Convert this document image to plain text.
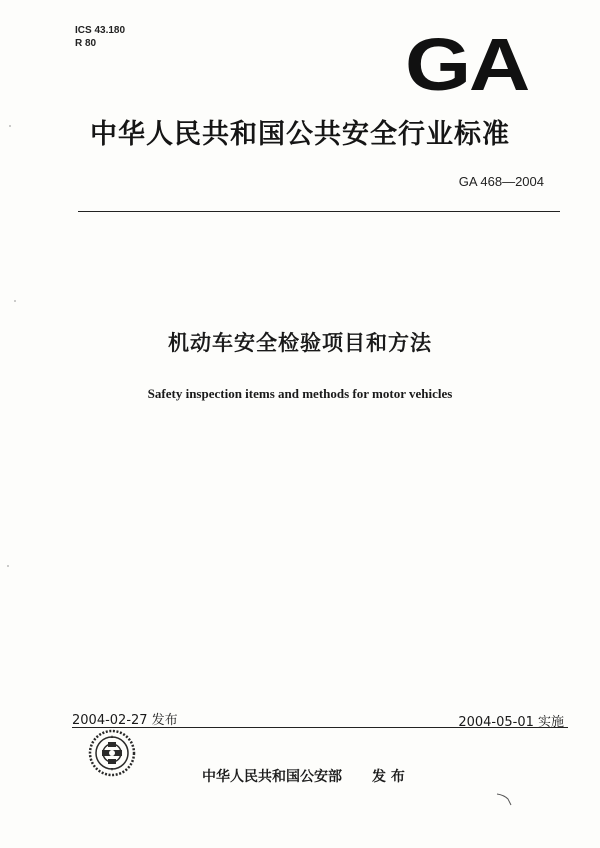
ICS 43.180
R 80	GA
中华人民共和国公共安全行业标准
GA 468—2004
机动车安全检验项目和方法
Safety inspection items and methods for motor vehicles
2004-02-27 发布	2004-05-01 实施
中华人民共和国公安部 发 布
